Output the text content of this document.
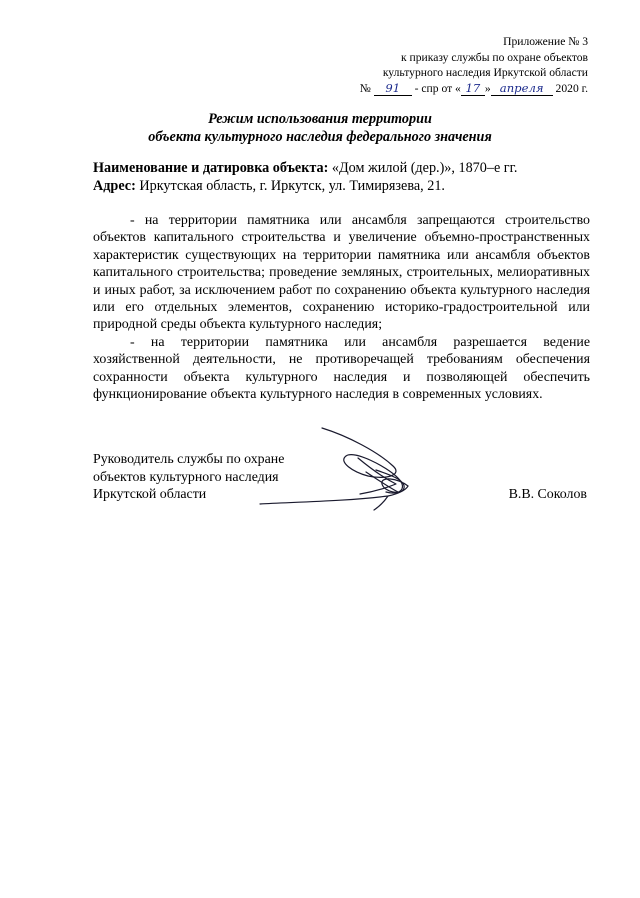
Приложение № 3
к приказу службы по охране объектов
культурного наследия Иркутской области
№ 91 - спр от « 17 » апреля 2020 г.
Режим использования территории
объекта культурного наследия федерального значения
Наименование и датировка объекта: «Дом жилой (дер.)», 1870–е гг.
Адрес: Иркутская область, г. Иркутск, ул. Тимирязева, 21.

- на территории памятника или ансамбля запрещаются строительство объектов капитального строительства и увеличение объемно-пространственных характеристик существующих на территории памятника или ансамбля объектов капитального строительства; проведение земляных, строительных, мелиоративных и иных работ, за исключением работ по сохранению объекта культурного наследия или его отдельных элементов, сохранению историко-градостроительной или природной среды объекта культурного наследия;

- на территории памятника или ансамбля разрешается ведение хозяйственной деятельности, не противоречащей требованиям обеспечения сохранности объекта культурного наследия и позволяющей обеспечить функционирование объекта культурного наследия в современных условиях.

Руководитель службы по охране
объектов культурного наследия
Иркутской области	В.В. Соколов
